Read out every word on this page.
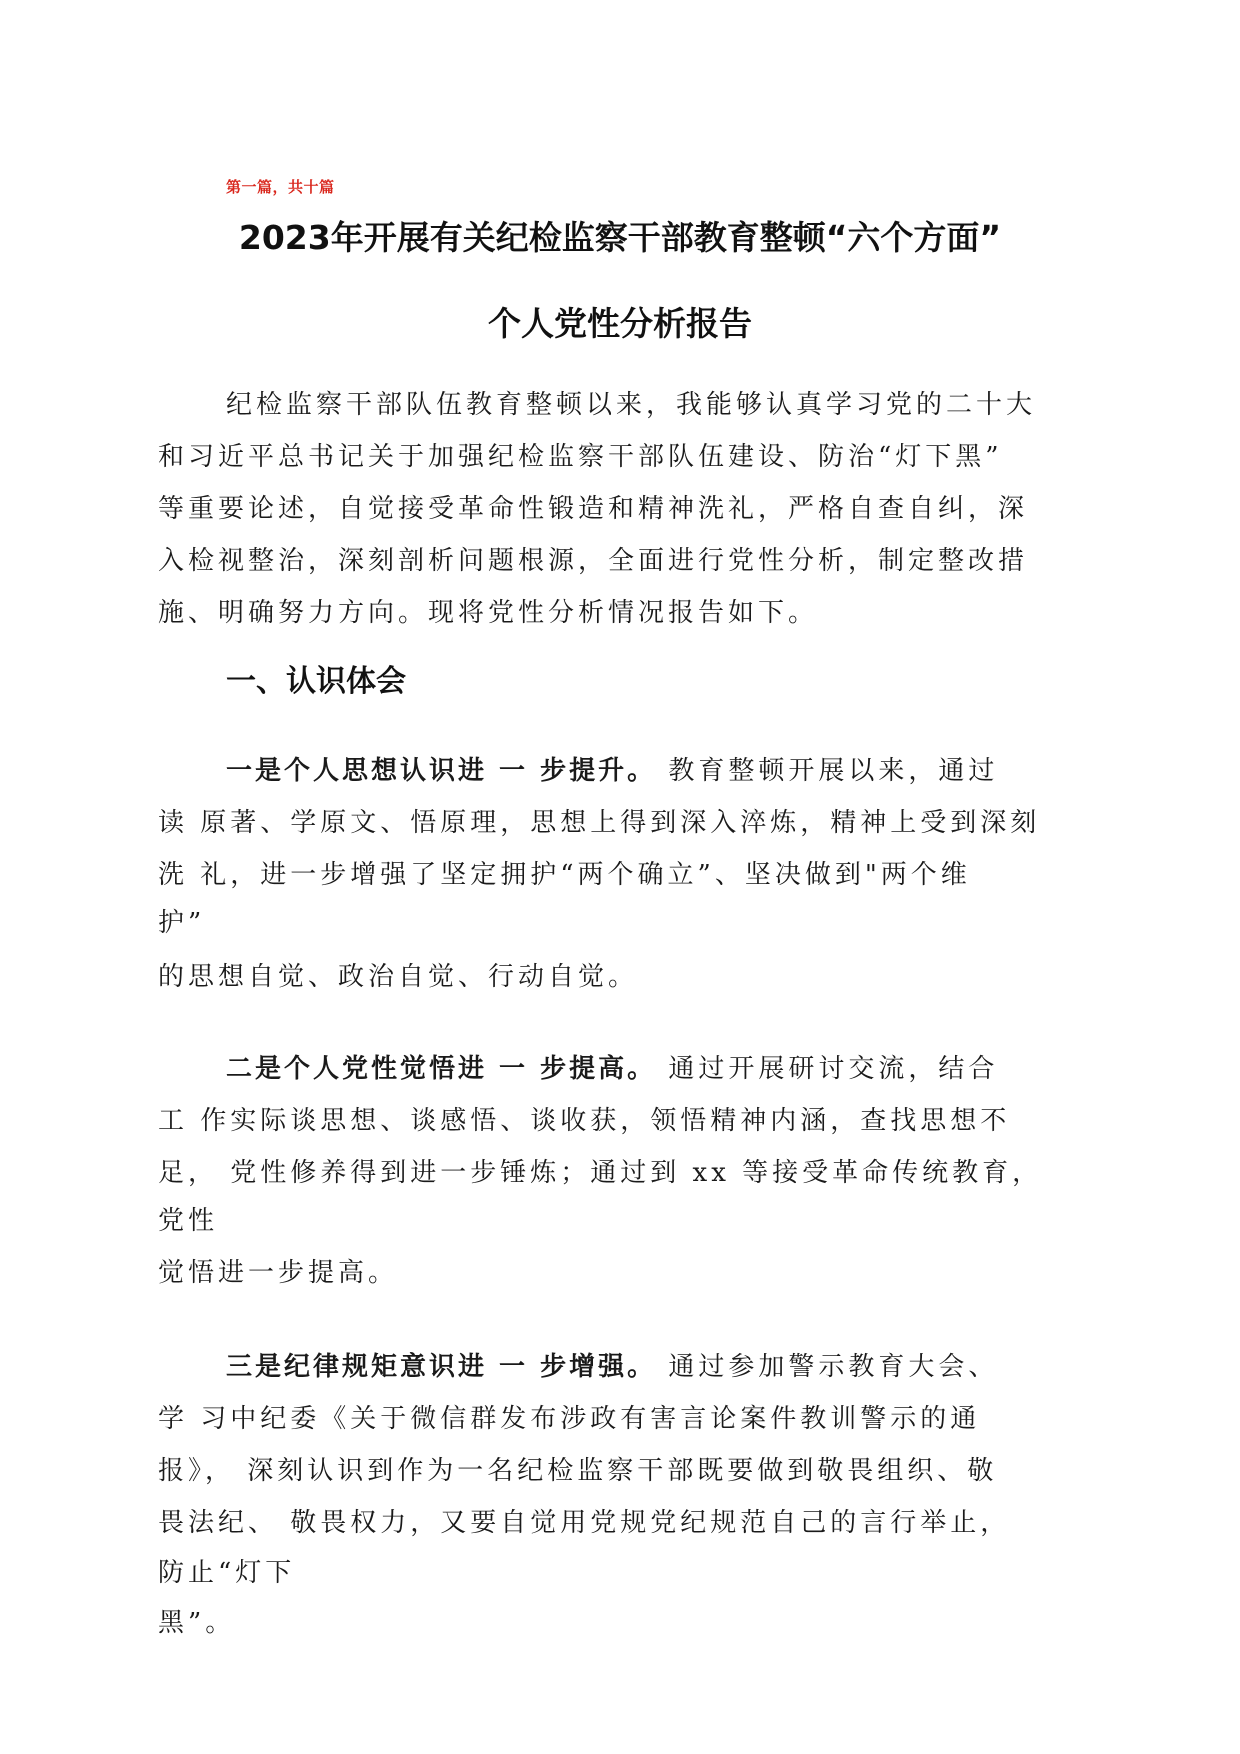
第一篇，共十篇
2023年开展有关纪检监察干部教育整顿“六个方面”
个人党性分析报告
纪检监察干部队伍教育整顿以来，我能够认真学习党的二十大
和习近平总书记关于加强纪检监察干部队伍建设、防治“灯下黑”
等重要论述，自觉接受革命性锻造和精神洗礼，严格自查自纠，深
入检视整治，深刻剖析问题根源，全面进行党性分析，制定整改措
施、明确努力方向。现将党性分析情况报告如下。
一、认识体会
一是个人思想认识进 一 步提升。 教育整顿开展以来，通过
读 原著、学原文、悟原理，思想上得到深入淬炼，精神上受到深刻
洗 礼，进一步增强了坚定拥护“两个确立”、坚决做到"两个维
护”
的思想自觉、政治自觉、行动自觉。
二是个人党性觉悟进 一 步提高。 通过开展研讨交流，结合
工 作实际谈思想、谈感悟、谈收获，领悟精神内涵，查找思想不
足， 党性修养得到进一步锤炼；通过到 xx 等接受革命传统教育，
党性
觉悟进一步提高。
三是纪律规矩意识进 一 步增强。 通过参加警示教育大会、
学 习中纪委《关于微信群发布涉政有害言论案件教训警示的通
报》， 深刻认识到作为一名纪检监察干部既要做到敬畏组织、敬
畏法纪、 敬畏权力，又要自觉用党规党纪规范自己的言行举止，
防止“灯下
黑”。
